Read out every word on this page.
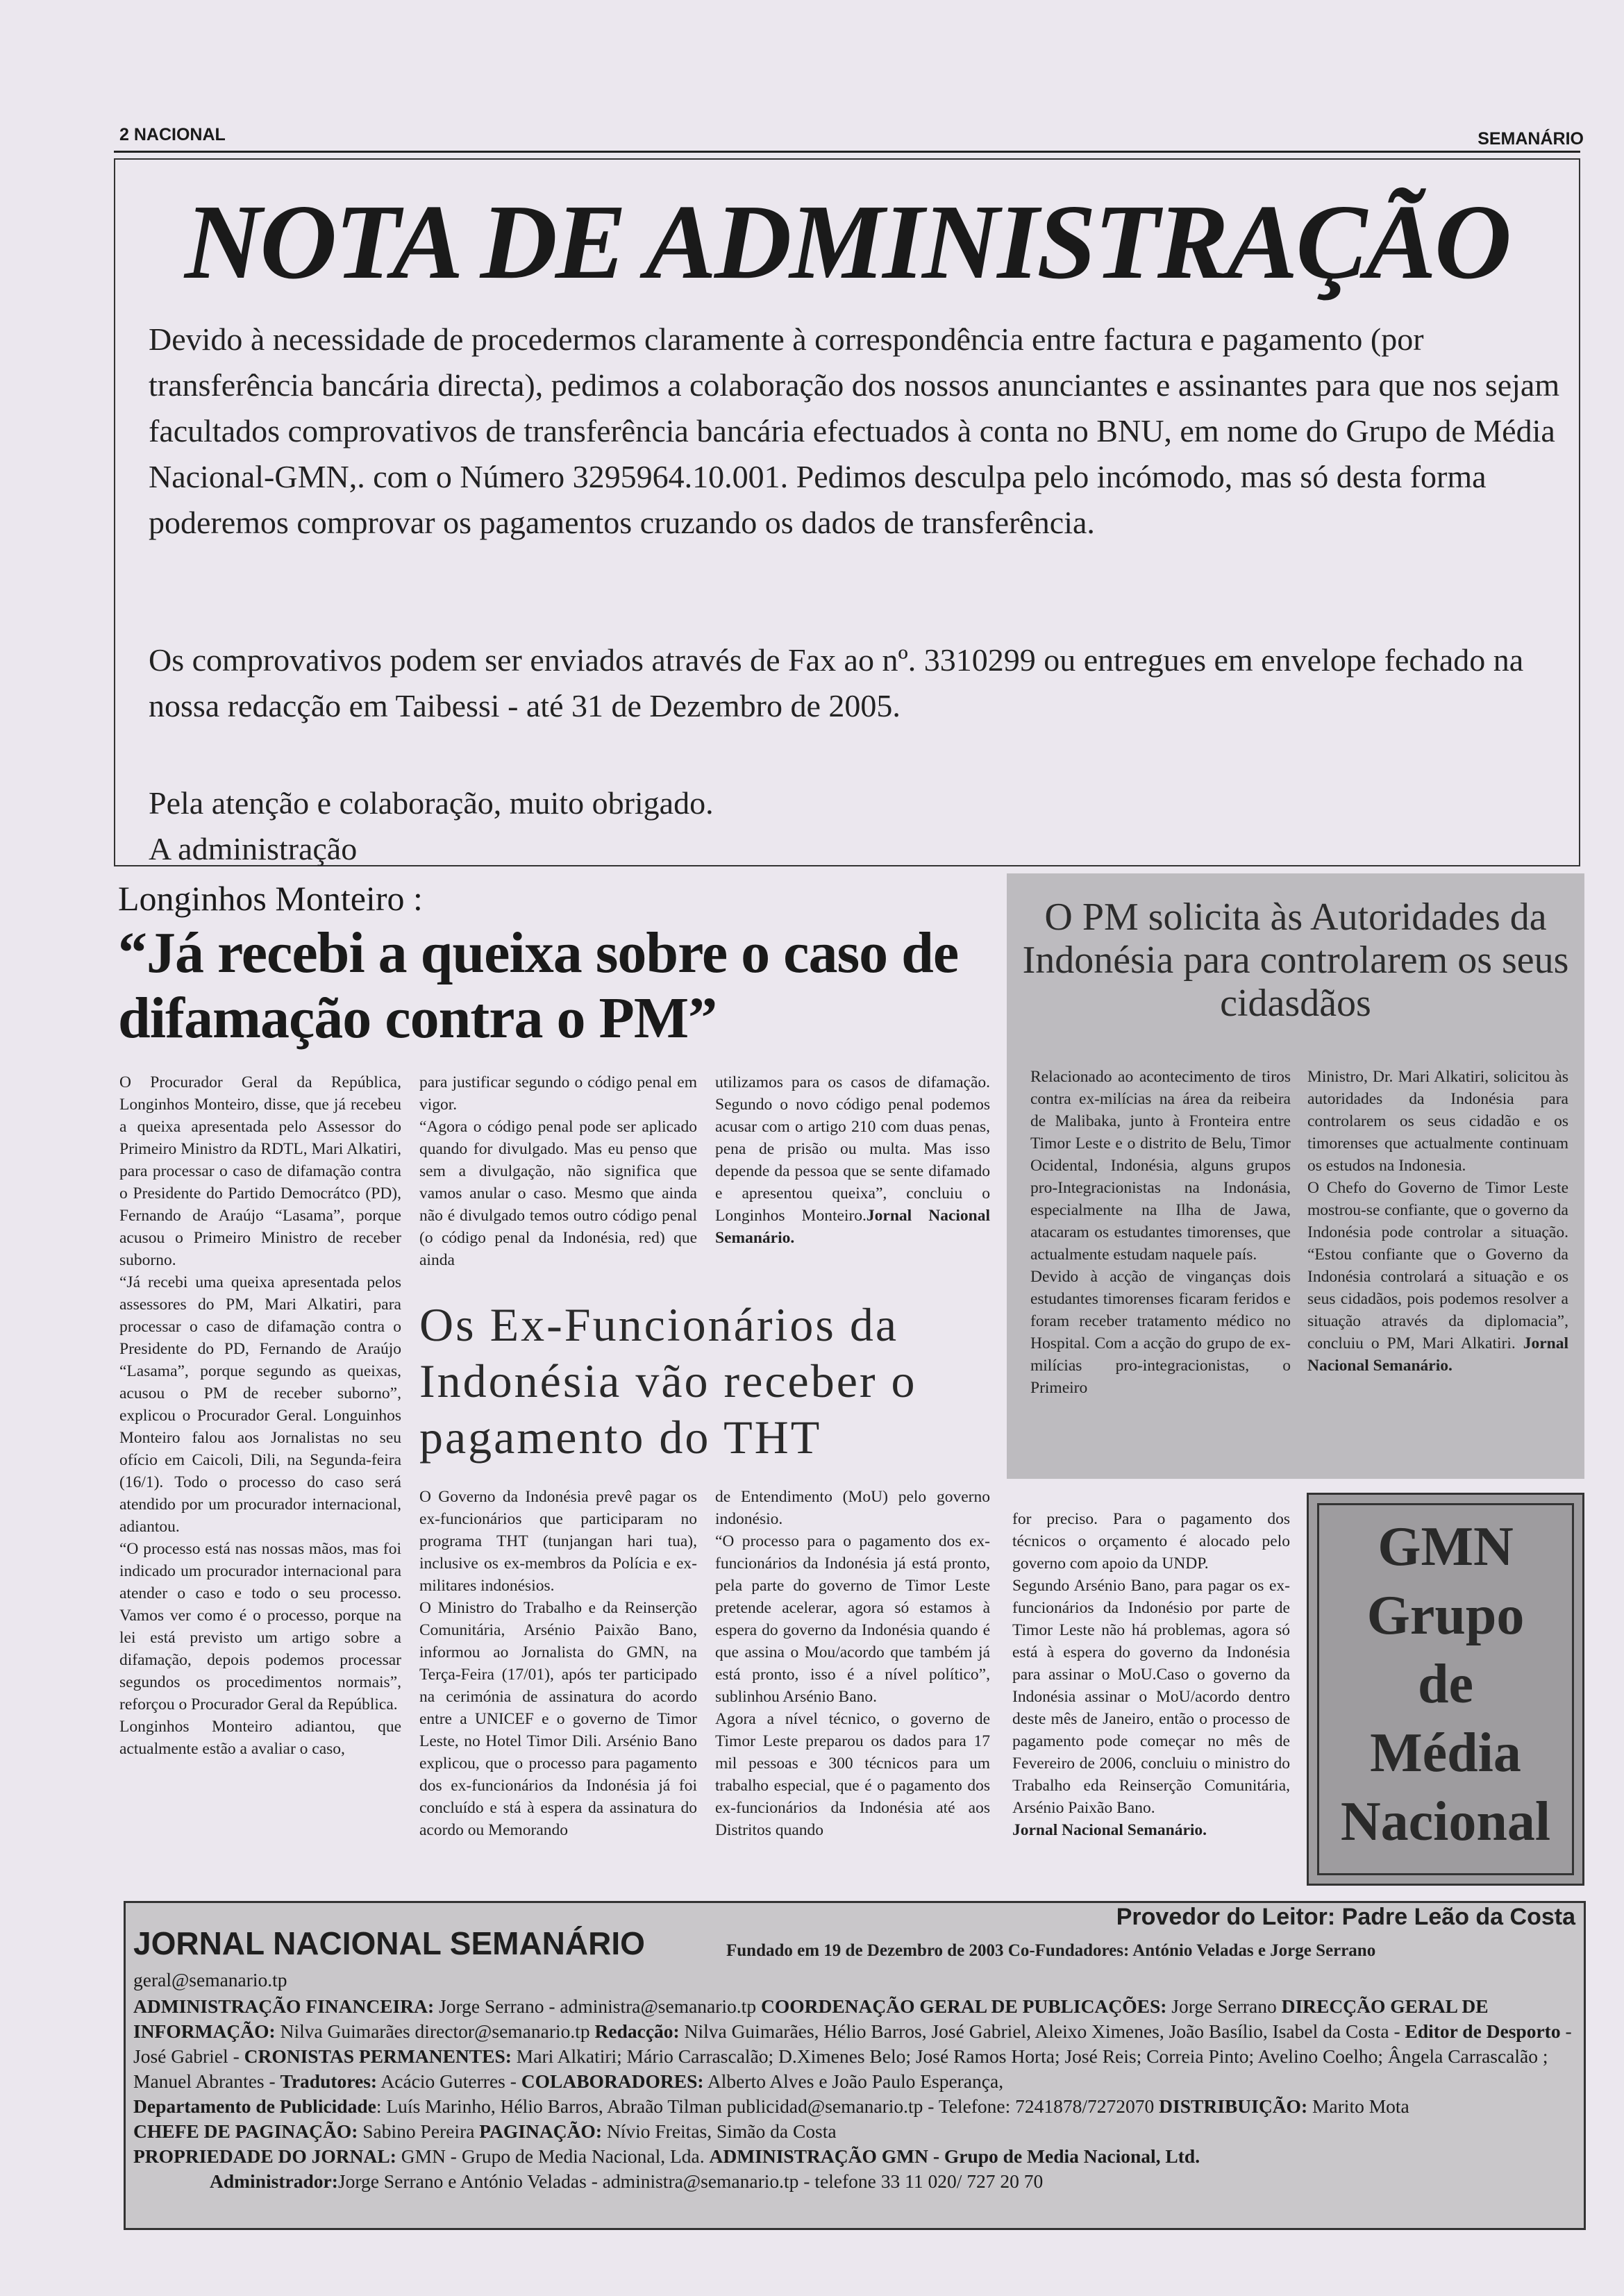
2 NACIONAL	SEMANÁRIO
NOTA DE ADMINISTRAÇÃO
Devido à necessidade de procedermos claramente à correspondência entre factura e pagamento (por transferência bancária directa), pedimos a colaboração dos nossos anunciantes e assinantes para que nos sejam facultados comprovativos de transferência bancária efectuados à conta no BNU, em nome do Grupo de Média Nacional-GMN,. com o Número 3295964.10.001. Pedimos desculpa pelo incómodo, mas só desta forma poderemos comprovar os pagamentos cruzando os dados de transferência.
Os comprovativos podem ser enviados através de Fax ao nº. 3310299 ou entregues em envelope fechado na nossa redacção em Taibessi - até 31 de Dezembro de 2005.
Pela atenção e colaboração, muito obrigado.
A administração
Longinhos Monteiro :
“Já recebi a queixa sobre o caso de difamação contra o PM”

O Procurador Geral da República, Longinhos Monteiro, disse, que já recebeu a queixa apresentada pelo Assessor do Primeiro Ministro da RDTL, Mari Alkatiri, para processar o caso de difamação contra o Presidente do Partido Democrátco (PD), Fernando de Araújo “Lasama”, porque acusou o Primeiro Ministro de receber suborno.

“Já recebi uma queixa apresentada pelos assessores do PM, Mari Alkatiri, para processar o caso de difamação contra o Presidente do PD, Fernando de Araújo “Lasama”, porque segundo as queixas, acusou o PM de receber suborno”, explicou o Procurador Geral. Longuinhos Monteiro falou aos Jornalistas no seu ofício em Caicoli, Dili, na Segunda-feira (16/1). Todo o processo do caso será atendido por um procurador internacional, adiantou.

“O processo está nas nossas mãos, mas foi indicado um procurador internacional para atender o caso e todo o seu processo. Vamos ver como é o processo, porque na lei está previsto um artigo sobre a difamação, depois podemos processar segundos os procedimentos normais”, reforçou o Procurador Geral da República.

Longinhos Monteiro adiantou, que actualmente estão a avaliar o caso,

para justificar segundo o código penal em vigor.

“Agora o código penal pode ser aplicado quando for divulgado. Mas eu penso que sem a divulgação, não significa que vamos anular o caso. Mesmo que ainda não é divulgado temos outro código penal (o código penal da Indonésia, red) que ainda

utilizamos para os casos de difamação. Segundo o novo código penal podemos acusar com o artigo 210 com duas penas, pena de prisão ou multa. Mas isso depende da pessoa que se sente difamado e apresentou queixa”, concluiu o Longinhos Monteiro.Jornal Nacional Semanário.

Os Ex-Funcionários da Indonésia vão receber o pagamento do THT

O Governo da Indonésia prevê pagar os ex-funcionários que participaram no programa THT (tunjangan hari tua), inclusive os ex-membros da Polícia e ex-militares indonésios.

O Ministro do Trabalho e da Reinserção Comunitária, Arsénio Paixão Bano, informou ao Jornalista do GMN, na Terça-Feira (17/01), após ter participado na cerimónia de assinatura do acordo entre a UNICEF e o governo de Timor Leste, no Hotel Timor Dili. Arsénio Bano explicou, que o processo para pagamento dos ex-funcionários da Indonésia já foi concluído e stá à espera da assinatura do acordo ou Memorando

de Entendimento (MoU) pelo governo indonésio.

“O processo para o pagamento dos ex-funcionários da Indonésia já está pronto, pela parte do governo de Timor Leste pretende acelerar, agora só estamos à espera do governo da Indonésia quando é que assina o Mou/acordo que também já está pronto, isso é a nível político”, sublinhou Arsénio Bano.

Agora a nível técnico, o governo de Timor Leste preparou os dados para 17 mil pessoas e 300 técnicos para um trabalho especial, que é o pagamento dos ex-funcionários da Indonésia até aos Distritos quando

for preciso. Para o pagamento dos técnicos o orçamento é alocado pelo governo com apoio da UNDP.

Segundo Arsénio Bano, para pagar os ex-funcionários da Indonésio por parte de Timor Leste não há problemas, agora só está à espera do governo da Indonésia para assinar o MoU.Caso o governo da Indonésia assinar o MoU/acordo dentro deste mês de Janeiro, então o processo de pagamento pode começar no mês de Fevereiro de 2006, concluiu o ministro do Trabalho eda Reinserção Comunitária, Arsénio Paixão Bano.

Jornal Nacional Semanário.

O PM solicita às Autoridades da Indonésia para controlarem os seus cidasdãos

Relacionado ao acontecimento de tiros contra ex-milícias na área da reibeira de Malibaka, junto à Fronteira entre Timor Leste e o distrito de Belu, Timor Ocidental, Indonésia, alguns grupos pro-Integracionistas na Indonásia, especialmente na Ilha de Jawa, atacaram os estudantes timorenses, que actualmente estudam naquele país.

Devido à acção de vinganças dois estudantes timorenses ficaram feridos e foram receber tratamento médico no Hospital. Com a acção do grupo de ex-milícias pro-integracionistas, o Primeiro

Ministro, Dr. Mari Alkatiri, solicitou às autoridades da Indonésia para controlarem os seus cidadão e os timorenses que actualmente continuam os estudos na Indonesia.

O Chefo do Governo de Timor Leste mostrou-se confiante, que o governo da Indonésia pode controlar a situação. “Estou confiante que o Governo da Indonésia controlará a situação e os seus cidadãos, pois podemos resolver a situação através da diplomacia”, concluiu o PM, Mari Alkatiri. Jornal Nacional Semanário.

GMN
Grupo
de
Média
Nacional
Provedor do Leitor: Padre Leão da Costa
JORNAL NACIONAL SEMANÁRIO	Fundado em 19 de Dezembro de 2003 Co-Fundadores: António Veladas e Jorge Serrano
geral@semanario.tp
ADMINISTRAÇÃO FINANCEIRA: Jorge Serrano - administra@semanario.tp COORDENAÇÃO GERAL DE PUBLICAÇÕES: Jorge Serrano DIRECÇÃO GERAL DE INFORMAÇÃO: Nilva Guimarães director@semanario.tp Redacção: Nilva Guimarães, Hélio Barros, José Gabriel, Aleixo Ximenes, João Basílio, Isabel da Costa - Editor de Desporto - José Gabriel - CRONISTAS PERMANENTES: Mari Alkatiri; Mário Carrascalão; D.Ximenes Belo; José Ramos Horta; José Reis; Correia Pinto; Avelino Coelho; Ângela Carrascalão ; Manuel Abrantes - Tradutores: Acácio Guterres - COLABORADORES: Alberto Alves e João Paulo Esperança,
Departamento de Publicidade: Luís Marinho, Hélio Barros, Abraão Tilman publicidad@semanario.tp - Telefone: 7241878/7272070 DISTRIBUIÇÃO: Marito Mota
CHEFE DE PAGINAÇÃO: Sabino Pereira PAGINAÇÃO: Nívio Freitas, Simão da Costa
PROPRIEDADE DO JORNAL: GMN - Grupo de Media Nacional, Lda. ADMINISTRAÇÃO GMN - Grupo de Media Nacional, Ltd.
Administrador:Jorge Serrano e António Veladas - administra@semanario.tp - telefone 33 11 020/ 727 20 70
